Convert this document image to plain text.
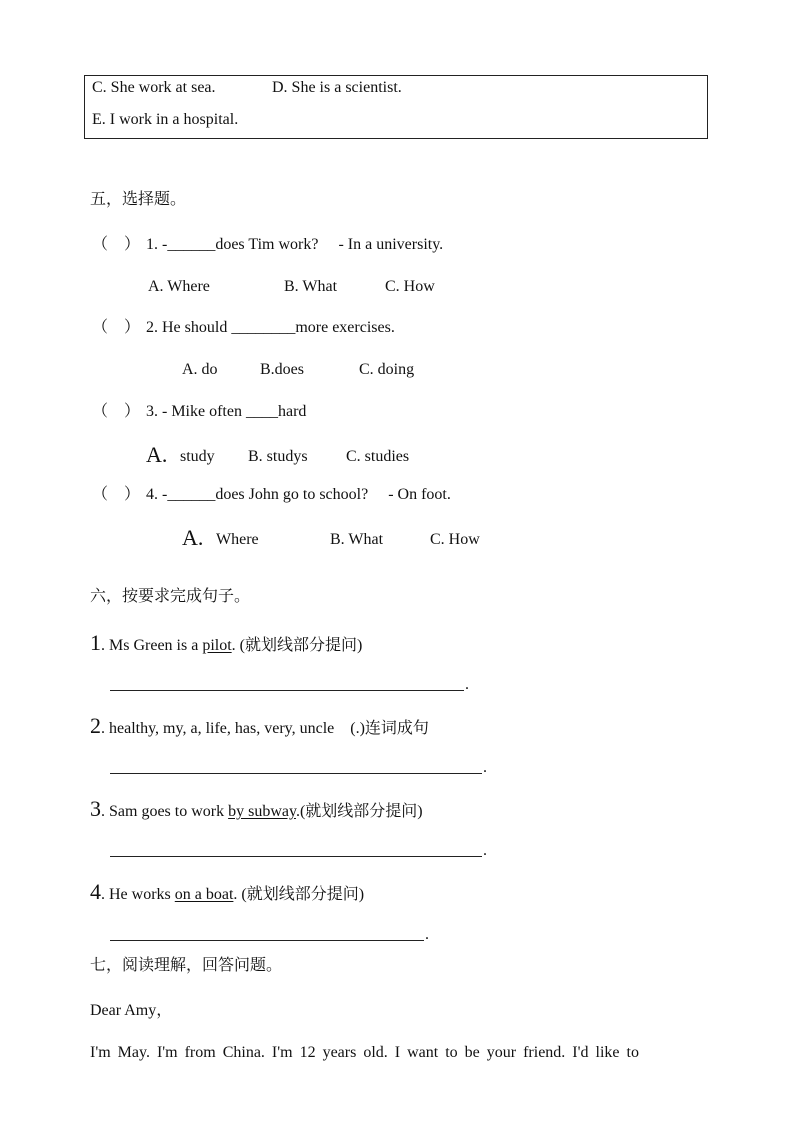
C. She work at sea.	D. She is a scientist.
E. I work in a hospital.
五，选择题。
（　） 1. -______does Tim work?　 - In a university.
A. Where	B. What	C. How
（　） 2. He should ________more exercises.
A. do	B.does	C. doing
（　） 3. - Mike often ____hard
A. study B. studys C. studies
（　） 4. -______does John go to school?　 - On foot.
A. Where	B. What	C. How
六，按要求完成句子。
1. Ms Green is a pilot. (就划线部分提问)
.
2. healthy, my, a, life, has, very, uncle　(.)连词成句
.
3. Sam goes to work by subway.(就划线部分提问)
.
4. He works on a boat. (就划线部分提问)
.
七，阅读理解，回答问题。
Dear Amy，
I'm May. I'm from China. I'm 12 years old. I want to be your friend. I'd like to
